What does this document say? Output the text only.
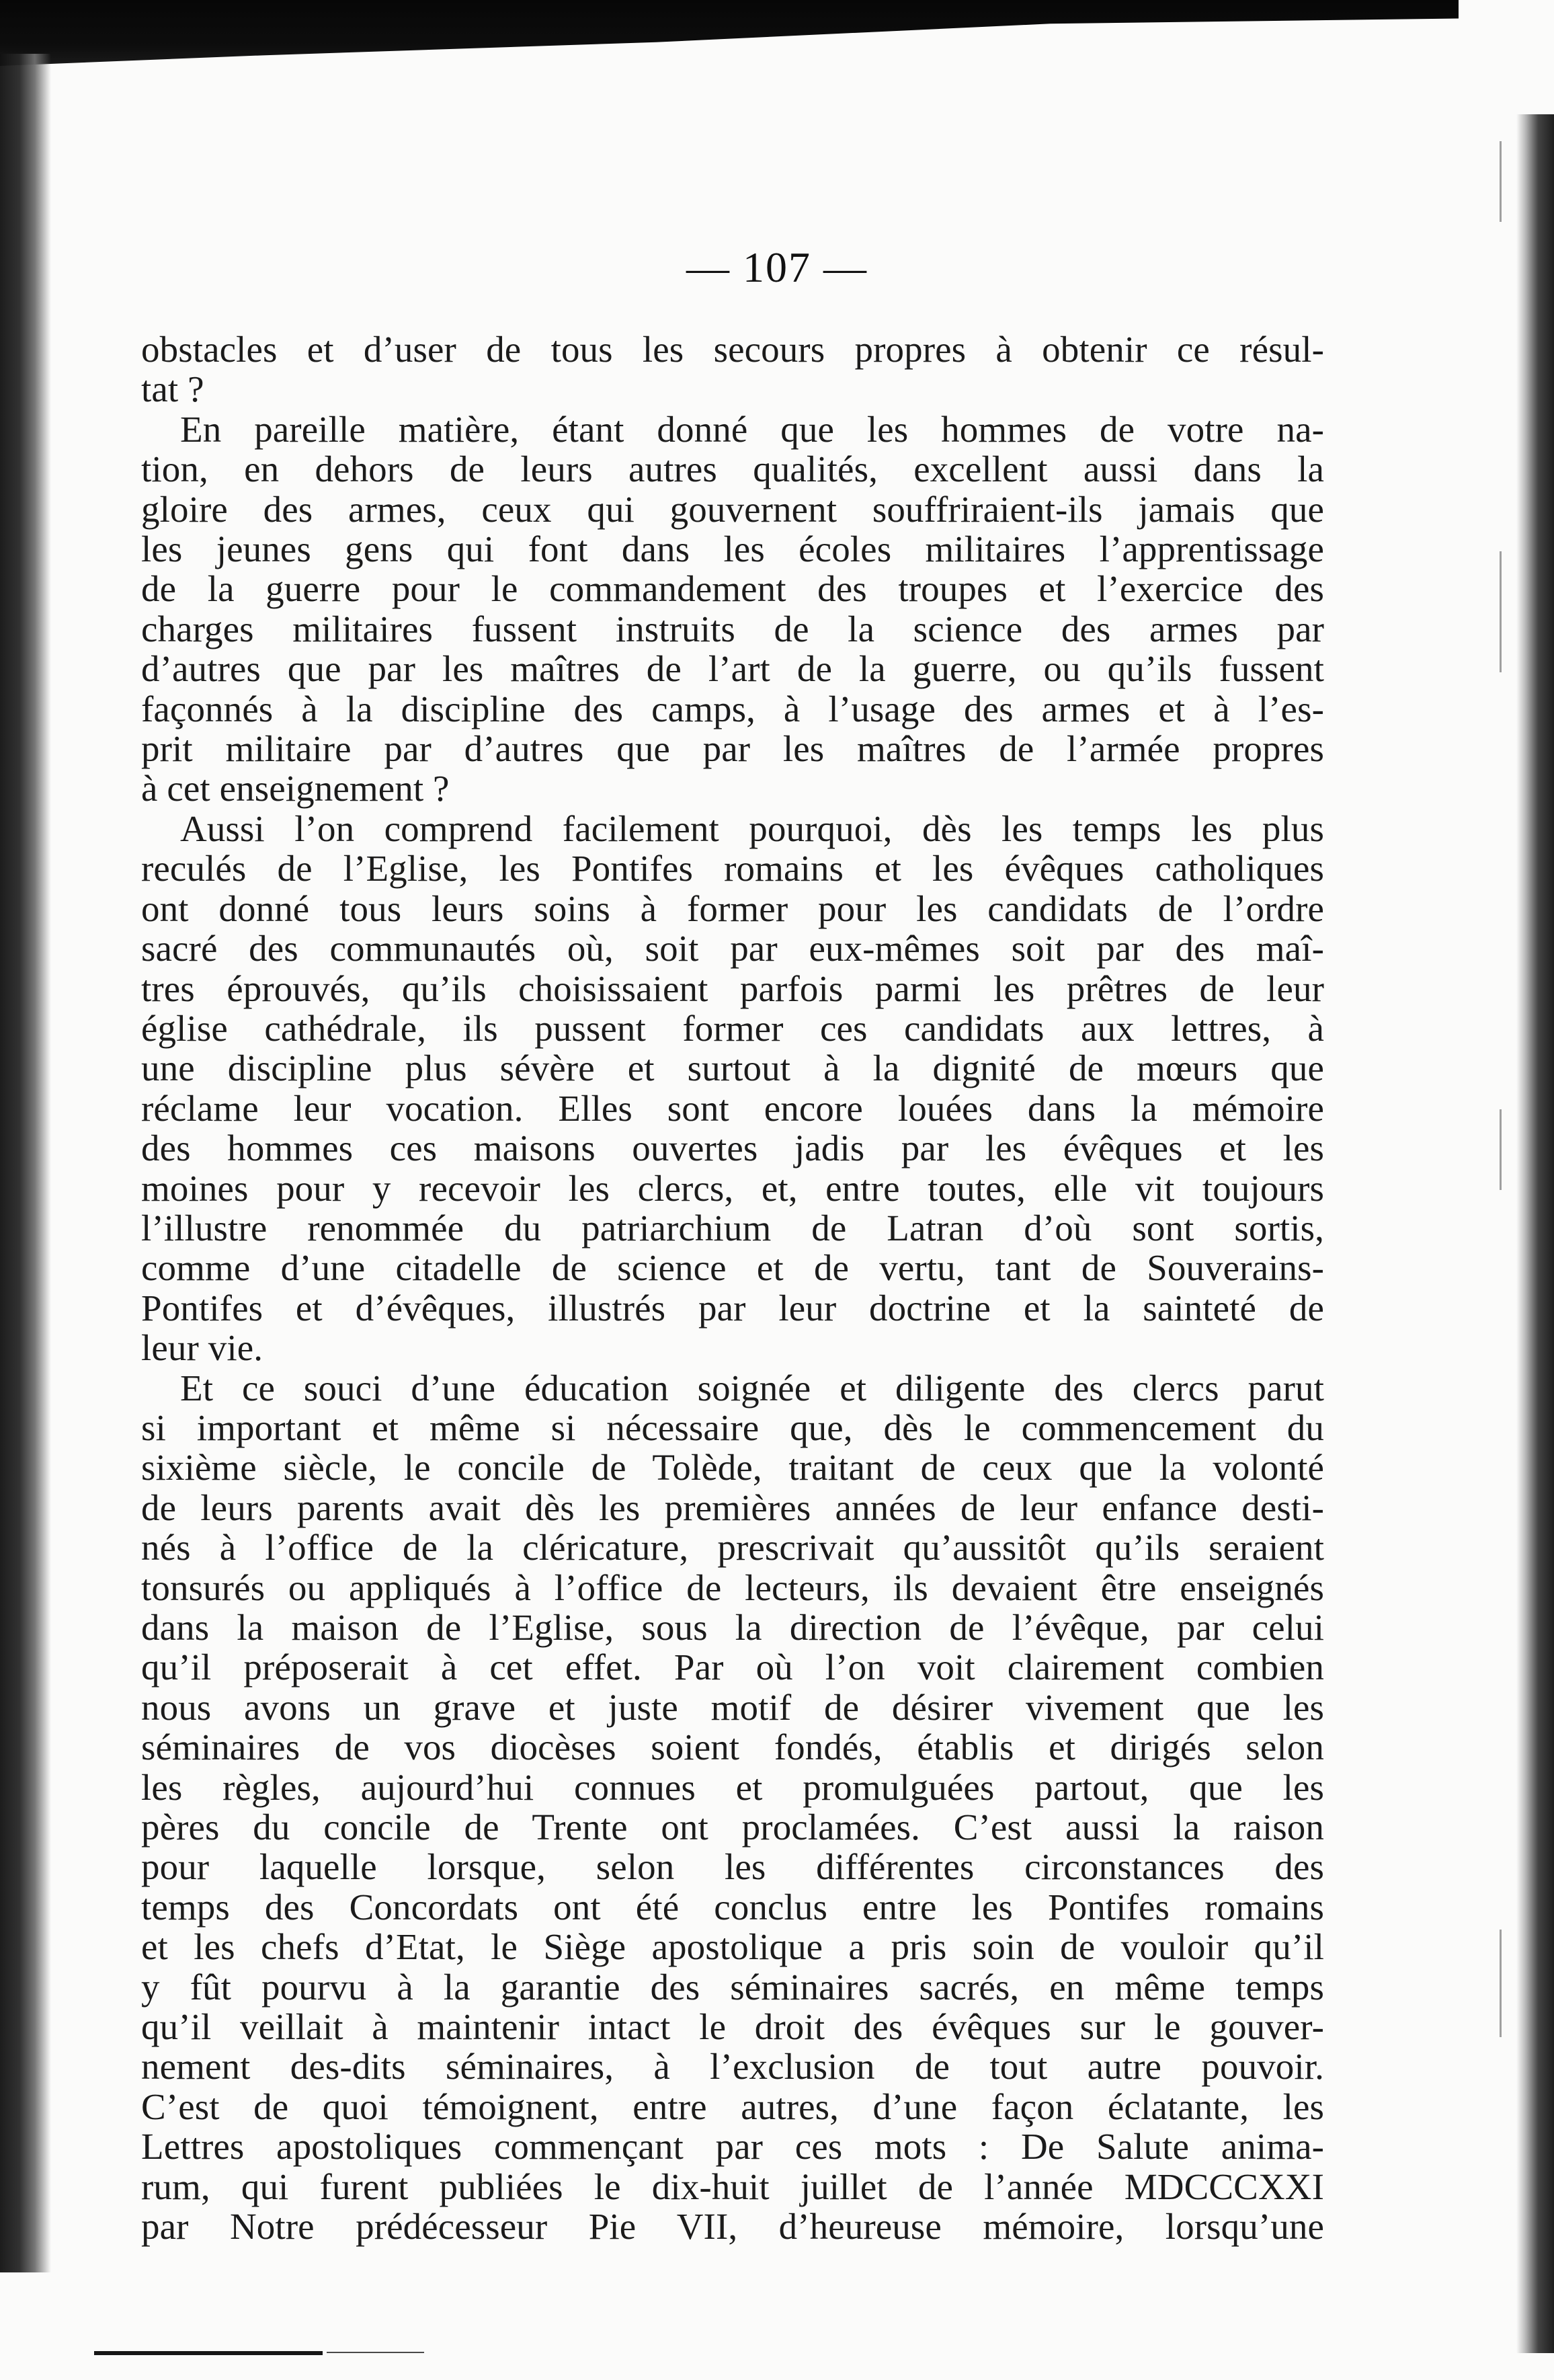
— 107 —
obstacles et d’user de tous les secours propres à obtenir ce résul-
tat ?
En pareille matière, étant donné que les hommes de votre na-
tion, en dehors de leurs autres qualités, excellent aussi dans la
gloire des armes, ceux qui gouvernent souffriraient-ils jamais que
les jeunes gens qui font dans les écoles militaires l’apprentissage
de la guerre pour le commandement des troupes et l’exercice des
charges militaires fussent instruits de la science des armes par
d’autres que par les maîtres de l’art de la guerre, ou qu’ils fussent
façonnés à la discipline des camps, à l’usage des armes et à l’es-
prit militaire par d’autres que par les maîtres de l’armée propres
à cet enseignement ?
Aussi l’on comprend facilement pourquoi, dès les temps les plus
reculés de l’Eglise, les Pontifes romains et les évêques catholiques
ont donné tous leurs soins à former pour les candidats de l’ordre
sacré des communautés où, soit par eux-mêmes soit par des maî-
tres éprouvés, qu’ils choisissaient parfois parmi les prêtres de leur
église cathédrale, ils pussent former ces candidats aux lettres, à
une discipline plus sévère et surtout à la dignité de mœurs que
réclame leur vocation. Elles sont encore louées dans la mémoire
des hommes ces maisons ouvertes jadis par les évêques et les
moines pour y recevoir les clercs, et, entre toutes, elle vit toujours
l’illustre renommée du patriarchium de Latran d’où sont sortis,
comme d’une citadelle de science et de vertu, tant de Souverains-
Pontifes et d’évêques, illustrés par leur doctrine et la sainteté de
leur vie.
Et ce souci d’une éducation soignée et diligente des clercs parut
si important et même si nécessaire que, dès le commencement du
sixième siècle, le concile de Tolède, traitant de ceux que la volonté
de leurs parents avait dès les premières années de leur enfance desti-
nés à l’office de la cléricature, prescrivait qu’aussitôt qu’ils seraient
tonsurés ou appliqués à l’office de lecteurs, ils devaient être enseignés
dans la maison de l’Eglise, sous la direction de l’évêque, par celui
qu’il préposerait à cet effet. Par où l’on voit clairement combien
nous avons un grave et juste motif de désirer vivement que les
séminaires de vos diocèses soient fondés, établis et dirigés selon
les règles, aujourd’hui connues et promulguées partout, que les
pères du concile de Trente ont proclamées. C’est aussi la raison
pour laquelle lorsque, selon les différentes circonstances des
temps des Concordats ont été conclus entre les Pontifes romains
et les chefs d’Etat, le Siège apostolique a pris soin de vouloir qu’il
y fût pourvu à la garantie des séminaires sacrés, en même temps
qu’il veillait à maintenir intact le droit des évêques sur le gouver-
nement des-dits séminaires, à l’exclusion de tout autre pouvoir.
C’est de quoi témoignent, entre autres, d’une façon éclatante, les
Lettres apostoliques commençant par ces mots : De Salute anima-
rum, qui furent publiées le dix-huit juillet de l’année MDCCCXXI
par Notre prédécesseur Pie VII, d’heureuse mémoire, lorsqu’une
